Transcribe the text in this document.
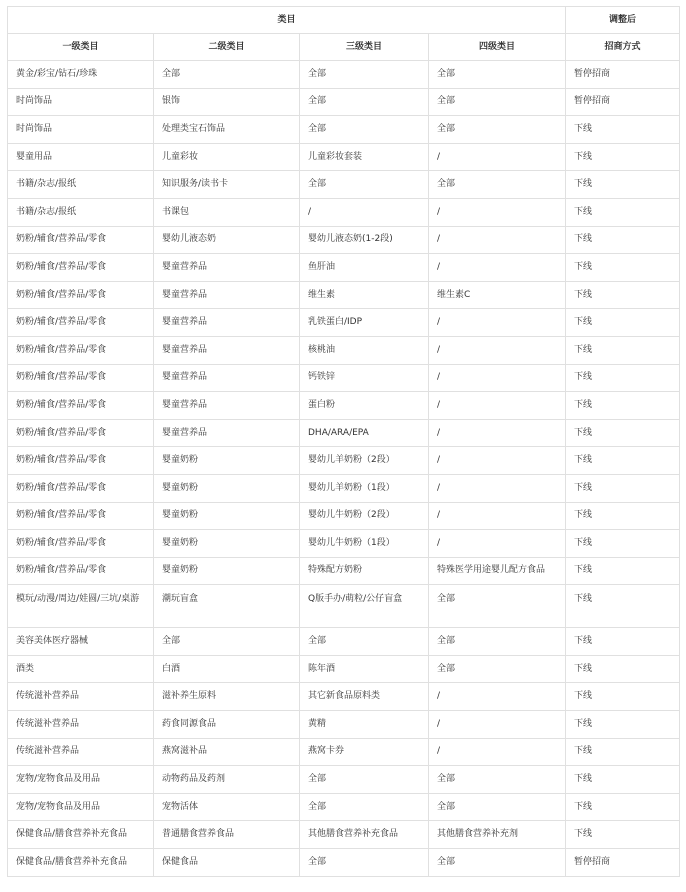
类目				调整后
一级类目	二级类目	三级类目	四级类目	招商方式
黄金/彩宝/钻石/珍珠	全部	全部	全部	暂停招商
时尚饰品	银饰	全部	全部	暂停招商
时尚饰品	处理类宝石饰品	全部	全部	下线
婴童用品	儿童彩妆	儿童彩妆套装	/	下线
书籍/杂志/报纸	知识服务/读书卡	全部	全部	下线
书籍/杂志/报纸	书课包	/	/	下线
奶粉/辅食/营养品/零食	婴幼儿液态奶	婴幼儿液态奶(1-2段)	/	下线
奶粉/辅食/营养品/零食	婴童营养品	鱼肝油	/	下线
奶粉/辅食/营养品/零食	婴童营养品	维生素	维生素C	下线
奶粉/辅食/营养品/零食	婴童营养品	乳铁蛋白/IDP	/	下线
奶粉/辅食/营养品/零食	婴童营养品	核桃油	/	下线
奶粉/辅食/营养品/零食	婴童营养品	钙铁锌	/	下线
奶粉/辅食/营养品/零食	婴童营养品	蛋白粉	/	下线
奶粉/辅食/营养品/零食	婴童营养品	DHA/ARA/EPA	/	下线
奶粉/辅食/营养品/零食	婴童奶粉	婴幼儿羊奶粉（2段）	/	下线
奶粉/辅食/营养品/零食	婴童奶粉	婴幼儿羊奶粉（1段）	/	下线
奶粉/辅食/营养品/零食	婴童奶粉	婴幼儿牛奶粉（2段）	/	下线
奶粉/辅食/营养品/零食	婴童奶粉	婴幼儿牛奶粉（1段）	/	下线
奶粉/辅食/营养品/零食	婴童奶粉	特殊配方奶粉	特殊医学用途婴儿配方食品	下线
模玩/动漫/周边/娃圆/三坑/桌游	潮玩盲盒	Q版手办/萌粒/公仔盲盒	全部	下线
美容美体医疗器械	全部	全部	全部	下线
酒类	白酒	陈年酒	全部	下线
传统滋补营养品	滋补养生原料	其它新食品原料类	/	下线
传统滋补营养品	药食同源食品	黄精	/	下线
传统滋补营养品	燕窝滋补品	燕窝卡券	/	下线
宠物/宠物食品及用品	动物药品及药剂	全部	全部	下线
宠物/宠物食品及用品	宠物活体	全部	全部	下线
保健食品/膳食营养补充食品	普通膳食营养食品	其他膳食营养补充食品	其他膳食营养补充剂	下线
保健食品/膳食营养补充食品	保健食品	全部	全部	暂停招商
